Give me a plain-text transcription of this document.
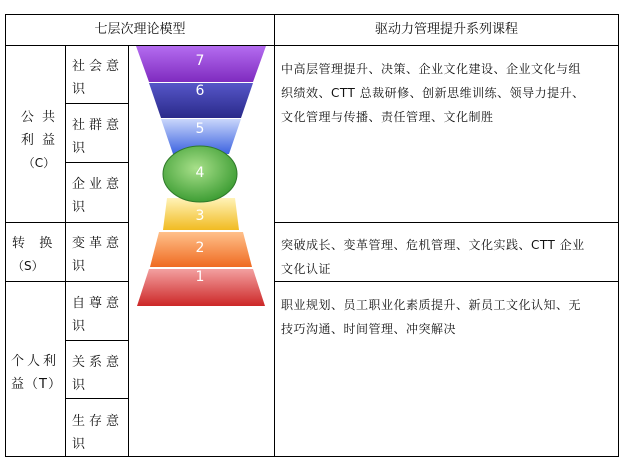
七层次理论模型	驱动力管理提升系列课程
公 共
利 益
（C）
转  换
（S）
个人利
益（T）
社会意
识
社群意
识
企业意
识
变革意
识
自尊意
识
关系意
识
生存意
识
7
6
5
4
3
2
1
中高层管理提升、决策、企业文化建设、企业文化与组
织绩效、CTT 总裁研修、创新思维训练、领导力提升、
文化管理与传播、责任管理、文化制胜
突破成长、变革管理、危机管理、文化实践、CTT 企业
文化认证
职业规划、员工职业化素质提升、新员工文化认知、无
技巧沟通、时间管理、冲突解决
